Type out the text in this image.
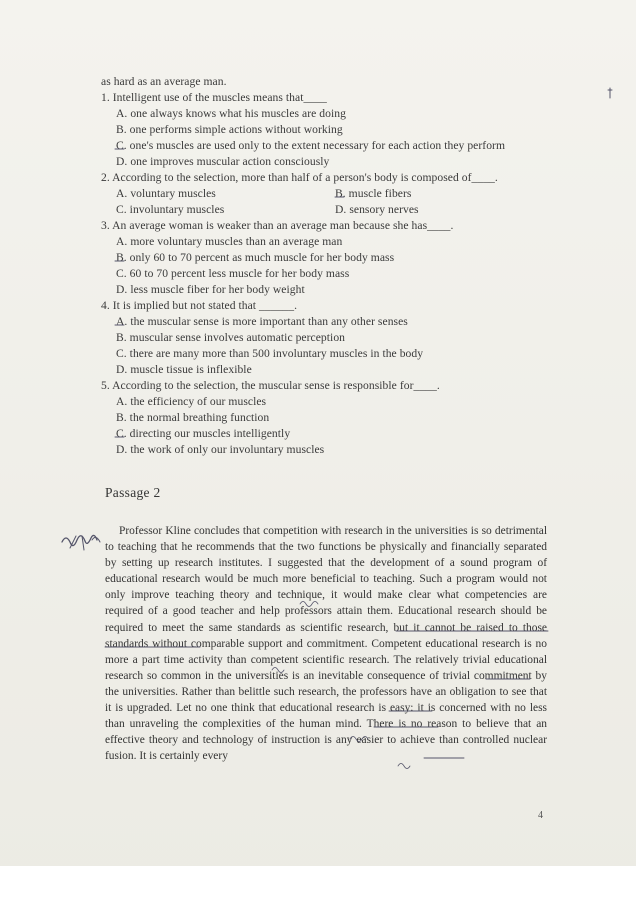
as hard as an average man.
1. Intelligent use of the muscles means that____
A. one always knows what his muscles are doing
B. one performs simple actions without working
C. one's muscles are used only to the extent necessary for each action they perform
D. one improves muscular action consciously
2. According to the selection, more than half of a person's body is composed of____.
A. voluntary muscles	B. muscle fibers
C. involuntary muscles	D. sensory nerves
3. An average woman is weaker than an average man because she has____.
A. more voluntary muscles than an average man
B. only 60 to 70 percent as much muscle for her body mass
C. 60 to 70 percent less muscle for her body mass
D. less muscle fiber for her body weight
4. It is implied but not stated that ______.
A. the muscular sense is more important than any other senses
B. muscular sense involves automatic perception
C. there are many more than 500 involuntary muscles in the body
D. muscle tissue is inflexible
5. According to the selection, the muscular sense is responsible for____.
A. the efficiency of our muscles
B. the normal breathing function
C. directing our muscles intelligently
D. the work of only our involuntary muscles
Passage 2

Professor Kline concludes that competition with research in the universities is so detrimental to teaching that he recommends that the two functions be physically and financially separated by setting up research institutes. I suggested that the development of a sound program of educational research would be much more beneficial to teaching. Such a program would not only improve teaching theory and technique, it would make clear what competencies are required of a good teacher and help professors attain them. Educational research should be required to meet the same standards as scientific research, but it cannot be raised to those standards without comparable support and commitment. Competent educational research is no more a part time activity than competent scientific research. The relatively trivial educational research so common in the universities is an inevitable consequence of trivial commitment by the universities. Rather than belittle such research, the professors have an obligation to see that it is upgraded. Let no one think that educational research is easy: it is concerned with no less than unraveling the complexities of the human mind. There is no reason to believe that an effective theory and technology of instruction is any easier to achieve than controlled nuclear fusion. It is certainly every

4
